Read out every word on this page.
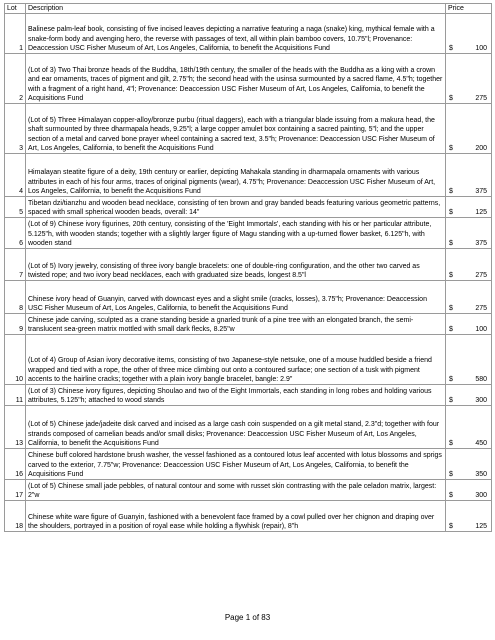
Lot	Description	Price
1	Balinese palm-leaf book, consisting of five incised leaves depicting a narrative featuring a naga (snake) king, mythical female with a snake-form body and avenging hero, the reverse with passages of text, all within plain bamboo covers, 10.75"l; Provenance: Deaccession USC Fisher Museum of Art, Los Angeles, California, to benefit the Acquisitions Fund	$ 100

2	(Lot of 3) Two Thai bronze heads of the Buddha, 18th/19th century, the smaller of the heads with the Buddha as a king with a crown and ear ornaments, traces of pigment and gilt, 2.75"h; the second head with the usinsa surmounted by a sacred flame, 4.5"h; together with a fragment of a right hand, 4"l; Provenance: Deaccession USC Fisher Museum of Art, Los Angeles, California, to benefit the Acquisitions Fund	$ 275

3	(Lot of 5) Three Himalayan copper-alloy/bronze purbu (ritual daggers), each with a triangular blade issuing from a makura head, the shaft surmounted by three dharmapala heads, 9.25"l; a large copper amulet box containing a sacred painting, 5"l; and the upper section of a metal and carved bone prayer wheel containing a sacred text, 3.5"h; Provenance: Deaccession USC Fisher Museum of Art, Los Angeles, California, to benefit the Acquisitions Fund	$ 200

4	Himalayan steatite figure of a deity, 19th century or earlier, depicting Mahakala standing in dharmapala ornaments with various attributes in each of his four arms, traces of original pigments (wear), 4.75"h; Provenance: Deaccession USC Fisher Museum of Art, Los Angeles, California, to benefit the Acquisitions Fund	$ 375

5	Tibetan dzi/tianzhu and wooden bead necklace, consisting of ten brown and gray banded beads featuring various geometric patterns, spaced with small spherical wooden beads, overall: 14"	$ 125

6	(Lot of 9) Chinese ivory figurines, 20th century, consisting of the 'Eight Immortals', each standing with his or her particular attribute, 5.125"h, with wooden stands; together with a slightly larger figure of Magu standing with a up-turned flower basket, 6.125"h, with wooden stand	$ 375

7	(Lot of 5) Ivory jewelry, consisting of three ivory bangle bracelets: one of double-ring configuration, and the other two carved as twisted rope; and two ivory bead necklaces, each with graduated size beads, longest 8.5"l	$ 275

8	Chinese ivory head of Guanyin, carved with downcast eyes and a slight smile (cracks, losses), 3.75"h; Provenance: Deaccession USC Fisher Museum of Art, Los Angeles, California, to benefit the Acquisitions Fund	$ 275

9	Chinese jade carving, sculpted as a crane standing beside a gnarled trunk of a pine tree with an elongated branch, the semi-translucent sea-green matrix mottled with small dark flecks, 8.25"w	$ 100

10	(Lot of 4) Group of Asian ivory decorative items, consisting of two Japanese-style netsuke, one of a mouse huddled beside a friend wrapped and tied with a rope, the other of three mice climbing out onto a contoured surface; one section of a tusk with pigment accents to the hairline cracks; together with a plain ivory bangle bracelet, bangle: 2.9"	$ 580

11	(Lot of 3) Chinese ivory figures, depicting Shoulao and two of the Eight Immortals, each standing in long robes and holding various attributes, 5.125"h; attached to wood stands	$ 300

13	(Lot of 5) Chinese jade/jadeite disk carved and incised as a large cash coin suspended on a gilt metal stand, 2.3"d; together with four strands composed of carnelian beads and/or small disks; Provenance: Deaccession USC Fisher Museum of Art, Los Angeles, California, to benefit the Acquisitions Fund	$ 450

16	Chinese buff colored hardstone brush washer, the vessel fashioned as a contoured lotus leaf accented with lotus blossoms and sprigs carved to the exterior, 7.75"w; Provenance: Deaccession USC Fisher Museum of Art, Los Angeles, California, to benefit the Acquisitions Fund	$ 350

17	(Lot of 5) Chinese small jade pebbles, of natural contour and some with russet skin contrasting with the pale celadon matrix, largest: 2"w	$ 300

18	Chinese white ware figure of Guanyin, fashioned with a benevolent face framed by a cowl pulled over her chignon and draping over the shoulders, portrayed in a position of royal ease while holding a flywhisk (repair), 8"h	$ 125
Page 1 of 83
